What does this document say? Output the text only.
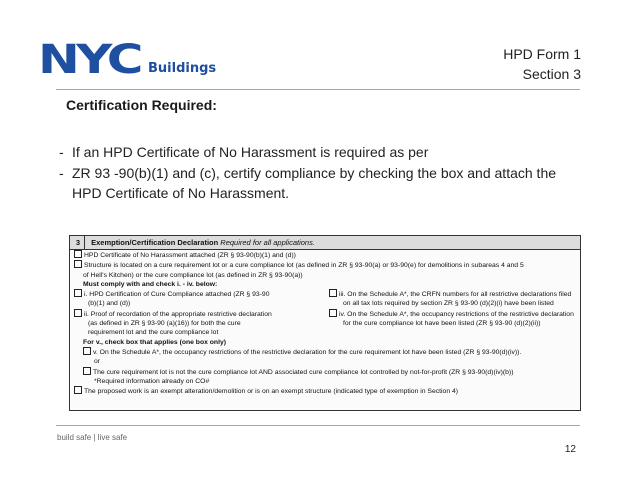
NYC Buildings
HPD Form 1
Section 3
Certification Required:
- If an HPD Certificate of No Harassment is required as per
- ZR 93 -90(b)(1) and (c), certify compliance by checking the box and attach the HPD Certificate of No Harassment.
3 Exemption/Certification Declaration Required for all applications.
HPD Certificate of No Harassment attached (ZR § 93-90(b)(1) and (d))
Structure is located on a cure requirement lot or a cure compliance lot (as defined in ZR § 93-90(a) or 93-90(e) for demolitions in subareas 4 and 5
of Hell's Kitchen) or the cure compliance lot (as defined in ZR § 93-90(a))
Must comply with and check i. - iv. below:
i. HPD Certification of Cure Compliance attached (ZR § 93-90
(b)(1) and (d))
ii. Proof of recordation of the appropriate restrictive declaration
(as defined in ZR § 93-90 (a)(16)) for both the cure
requirement lot and the cure compliance lot
iii. On the Schedule A*, the CRFN numbers for all restrictive declarations filed
on all tax lots required by section ZR § 93-90 (d)(2)(i) have been listed
iv. On the Schedule A*, the occupancy restrictions of the restrictive declaration
for the cure compliance lot have been listed (ZR § 93-90 (d)(2)(ii))
For v., check box that applies (one box only)
v. On the Schedule A*, the occupancy restrictions of the restrictive declaration for the cure requirement lot have been listed (ZR § 93-90(d)(iv)).
or
The cure requirement lot is not the cure compliance lot AND associated cure compliance lot controlled by not-for-profit (ZR § 93-90(d)(iv)(b))
*Required information already on CO#
The proposed work is an exempt alteration/demolition or is on an exempt structure (indicated type of exemption in Section 4)
build safe | live safe
12
